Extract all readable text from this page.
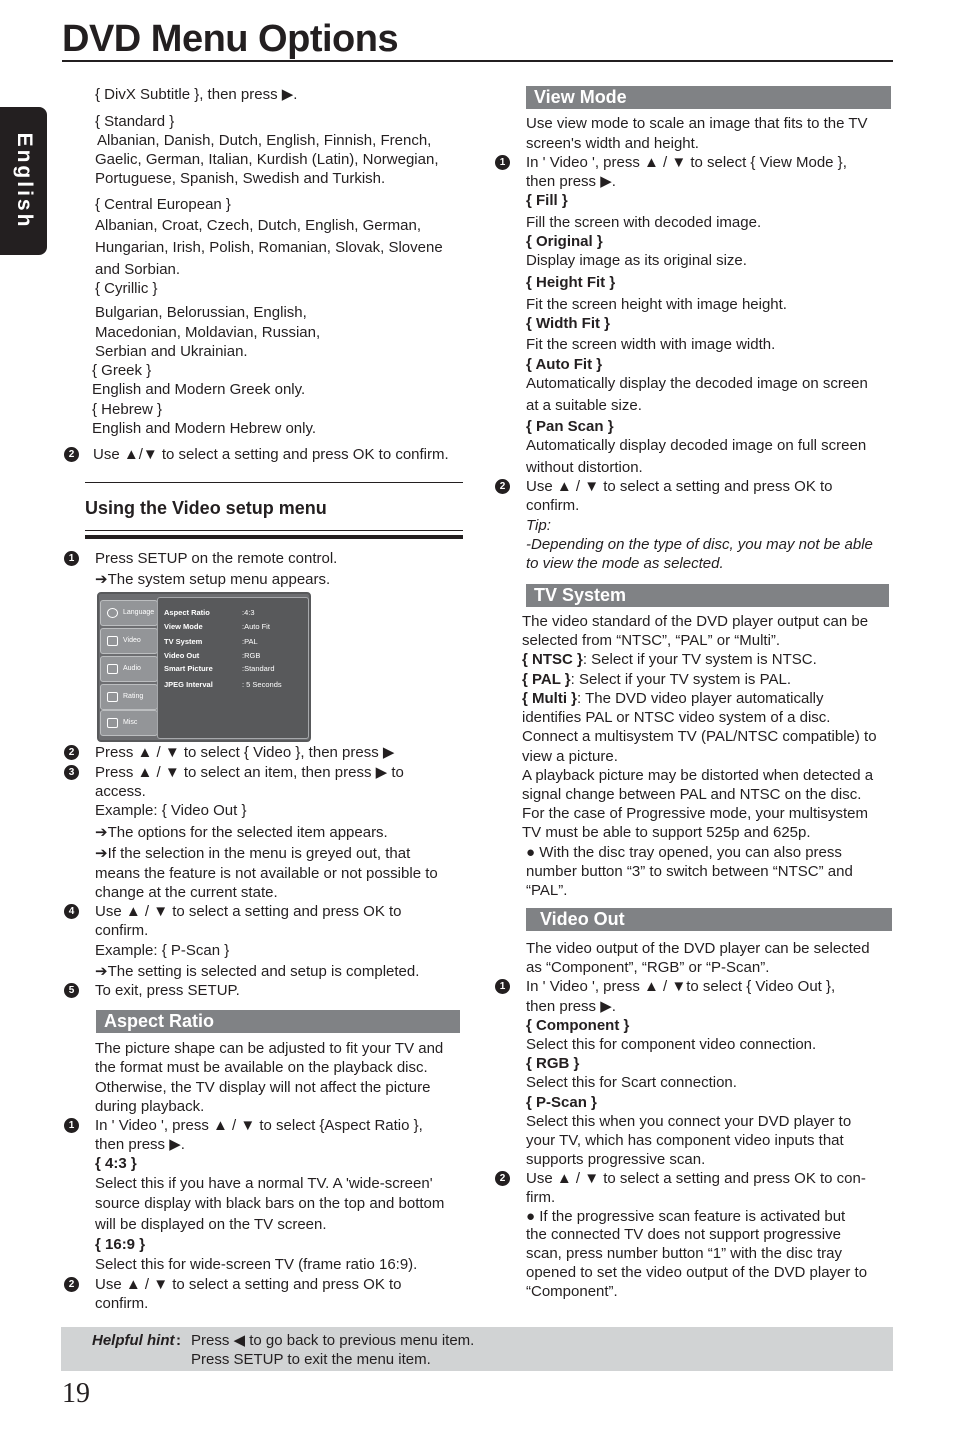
DVD Menu Options
English
{ DivX Subtitle }, then press ▶.
{ Standard }
Albanian, Danish, Dutch, English, Finnish, French,
Gaelic, German, Italian, Kurdish (Latin), Norwegian,
Portuguese, Spanish, Swedish and Turkish.
{ Central European }
Albanian, Croat, Czech, Dutch, English, German,
Hungarian, Irish, Polish, Romanian, Slovak, Slovene
and Sorbian.
{ Cyrillic }
Bulgarian, Belorussian, English,
Macedonian, Moldavian, Russian,
Serbian and Ukrainian.
{ Greek }
English and Modern Greek only.
{ Hebrew }
English and Modern Hebrew only.
2	Use ▲/▼ to select a setting and press OK to confirm.
Using the Video setup menu
1	Press SETUP on the remote control.
➔The system setup menu appears.
Language
Video
Audio
Rating
Misc
Aspect Ratio	:4:3
View Mode	:Auto Fit
TV System	:PAL
Video Out	:RGB
Smart Picture	:Standard
JPEG Interval	: 5 Seconds
2	Press ▲ / ▼ to select { Video }, then press ▶
3	Press ▲ / ▼ to select an item, then press ▶ to
access.
Example: { Video Out }
➔The options for the selected item appears.
➔If the selection in the menu is greyed out, that
means the feature is not available or not possible to
change at the current state.
4	Use ▲ / ▼ to select a setting and press OK to
confirm.
Example: { P-Scan }
➔The setting is selected and setup is completed.
5	To exit, press SETUP.
Aspect Ratio
The picture shape can be adjusted to fit your TV and
the format must be available on the playback disc.
Otherwise, the TV display will not affect the picture
during playback.
1	In ' Video ', press ▲ / ▼ to select {Aspect Ratio },
then press ▶.
{ 4:3 }
Select this if you have a normal TV. A 'wide-screen'
source display with black bars on the top and bottom
will be displayed on the TV screen.
{ 16:9 }
Select this for wide-screen TV (frame ratio 16:9).
2	Use ▲ / ▼ to select a setting and press OK to
confirm.
View Mode
Use view mode to scale an image that fits to the TV
screen's width and height.
1	In ' Video ', press ▲ / ▼ to select { View Mode },
then press ▶.
{ Fill }
Fill the screen with decoded image.
{ Original }
Display image as its original size.
{ Height Fit }
Fit the screen height with image height.
{ Width Fit }
Fit the screen width with image width.
{ Auto Fit }
Automatically display the decoded image on screen
at a suitable size.
{ Pan Scan }
Automatically display decoded image on full screen
without distortion.
2	Use ▲ / ▼ to select a setting and press OK to
confirm.
Tip:
-Depending on the type of disc, you may not be able
to view the mode as selected.
TV System
The video standard of the DVD player output can be
selected from “NTSC”, “PAL” or “Multi”.
{ NTSC }: Select if your TV system is NTSC.
{ PAL }: Select if your TV system is PAL.
{ Multi }: The DVD video player automatically
identifies PAL or NTSC video system of a disc.
Connect a multisystem TV (PAL/NTSC compatible) to
view a picture.
A playback picture may be distorted when detected a
signal change between PAL and NTSC on the disc.
For the case of Progressive mode, your multisystem
TV must be able to support 525p and 625p.
● With the disc tray opened, you can also press
number button “3” to switch between “NTSC” and
“PAL”.
Video Out
The video output of the DVD player can be selected
as “Component”, “RGB” or “P-Scan”.
1	In ' Video ', press ▲ / ▼to select { Video Out },
then press ▶.
{ Component }
Select this for component video connection.
{ RGB }
Select this for Scart connection.
{ P-Scan }
Select this when you connect your DVD player to
your TV, which has component video inputs that
supports progressive scan.
2	Use ▲ / ▼ to select a setting and press OK to con-
firm.
● If the progressive scan feature is activated but
the connected TV does not support progressive
scan, press number button “1” with the disc tray
opened to set the video output of the DVD player to
“Component”.
Helpful hint : Press ◀ to go back to previous menu item.
Press SETUP to exit the menu item.
19
